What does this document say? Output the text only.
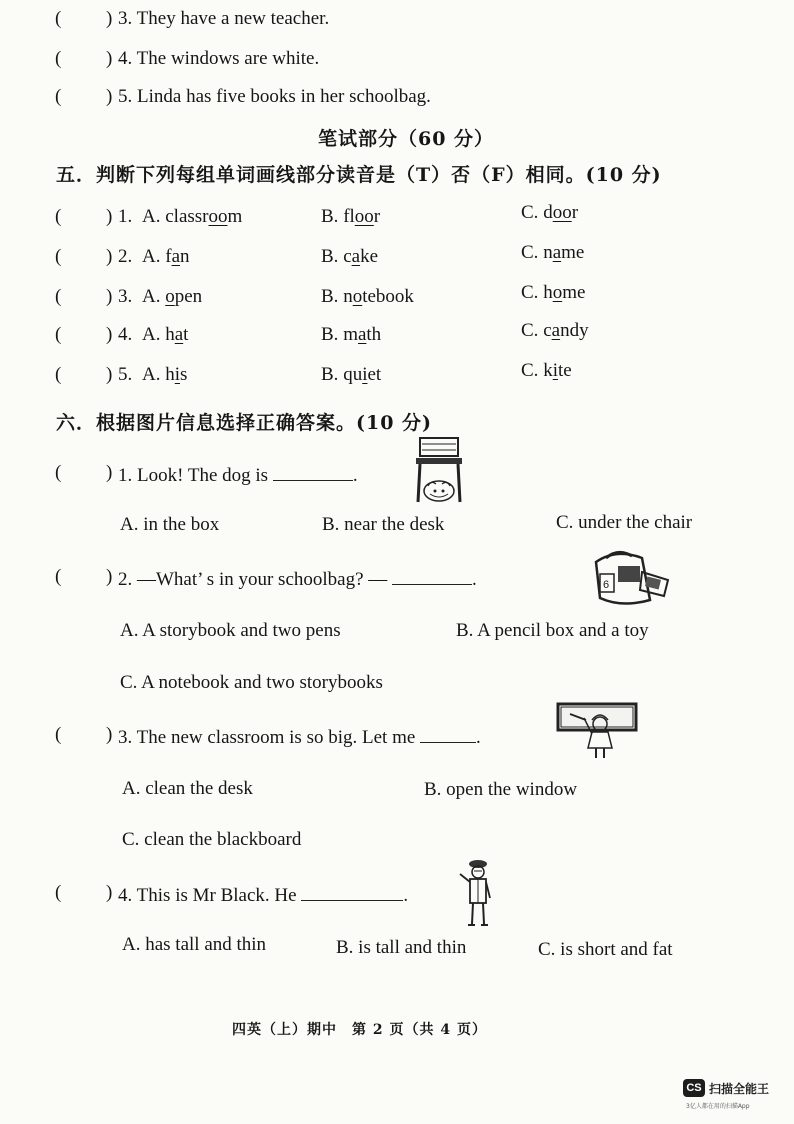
( ) 3. They have a new teacher.
( ) 4. The windows are white.
( ) 5. Linda has five books in her schoolbag.
笔试部分（60 分）
五．判断下列每组单词画线部分读音是（T）否（F）相同。(10 分)
( ) 1. A. classroom	B. floor	C. door
( ) 2. A. fan	B. cake	C. name
( ) 3. A. open	B. notebook	C. home
( ) 4. A. hat	B. math	C. candy
( ) 5. A. his	B. quiet	C. kite
六．根据图片信息选择正确答案。(10 分)
( ) 1. Look! The dog is	.
A. in the box	B. near the desk	C. under the chair
( ) 2. —What’ s in your schoolbag? —	.	6
A. A storybook and two pens	B. A pencil box and a toy
C. A notebook and two storybooks
( ) 3. The new classroom is so big. Let me	.
A. clean the desk	B. open the window
C. clean the blackboard
( ) 4. This is Mr Black. He	.
A. has tall and thin	B. is tall and thin	C. is short and fat
四英（上）期中　第 2 页（共 4 页）
CS 扫描全能王
3亿人都在用的扫描App
